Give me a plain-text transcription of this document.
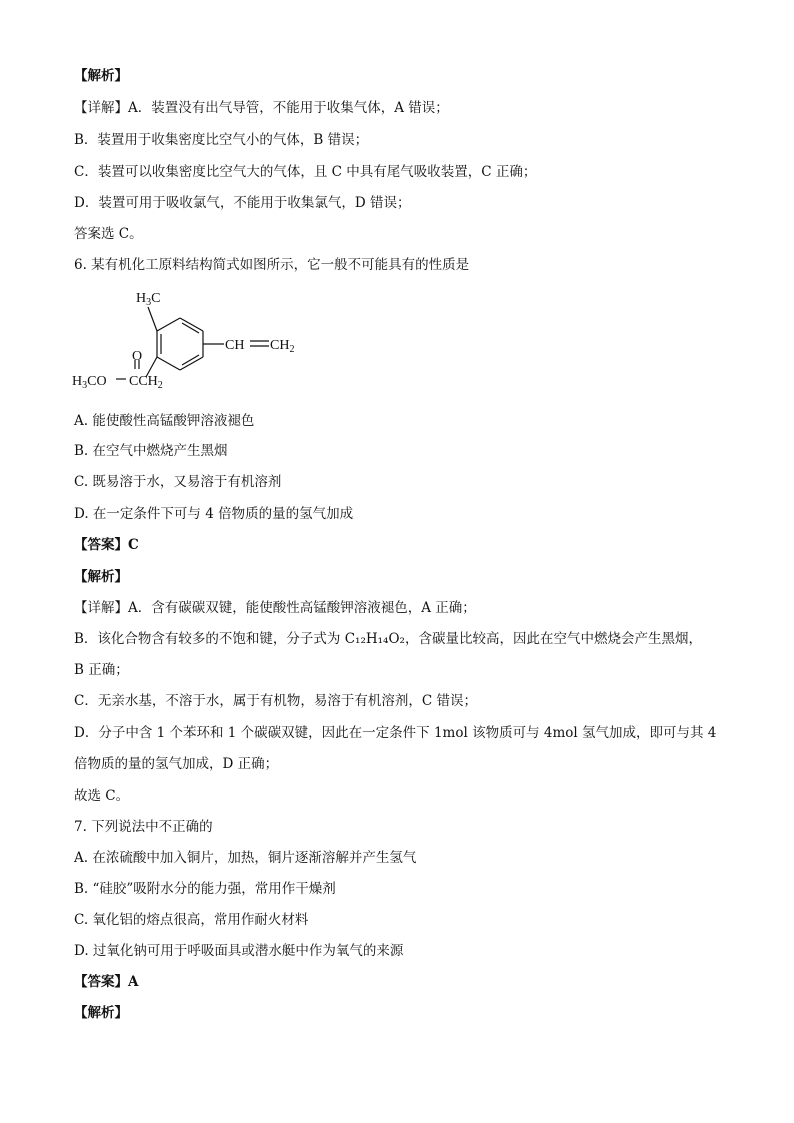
【解析】
【详解】A．装置没有出气导管，不能用于收集气体，A 错误；
B．装置用于收集密度比空气小的气体，B 错误；
C．装置可以收集密度比空气大的气体，且 C 中具有尾气吸收装置，C 正确；
D．装置可用于吸收氯气，不能用于收集氯气，D 错误；
答案选 C。
6. 某有机化工原料结构简式如图所示，它一般不可能具有的性质是
$H_3C$
CH $CH_2$
O
$H_3CO$ $CCH_2$
A. 能使酸性高锰酸钾溶液褪色
B. 在空气中燃烧产生黑烟
C. 既易溶于水，又易溶于有机溶剂
D. 在一定条件下可与 4 倍物质的量的氢气加成
【答案】C
【解析】
【详解】A．含有碳碳双键，能使酸性高锰酸钾溶液褪色，A 正确；
B．该化合物含有较多的不饱和键，分子式为 C₁₂H₁₄O₂，含碳量比较高，因此在空气中燃烧会产生黑烟，
B 正确；
C．无亲水基，不溶于水，属于有机物，易溶于有机溶剂，C 错误；
D．分子中含 1 个苯环和 1 个碳碳双键，因此在一定条件下 1mol 该物质可与 4mol 氢气加成，即可与其 4
倍物质的量的氢气加成，D 正确；
故选 C。
7. 下列说法中不正确的
A. 在浓硫酸中加入铜片，加热，铜片逐渐溶解并产生氢气
B. “硅胶”吸附水分的能力强，常用作干燥剂
C. 氧化铝的熔点很高，常用作耐火材料
D. 过氧化钠可用于呼吸面具或潜水艇中作为氧气的来源
【答案】A
【解析】
